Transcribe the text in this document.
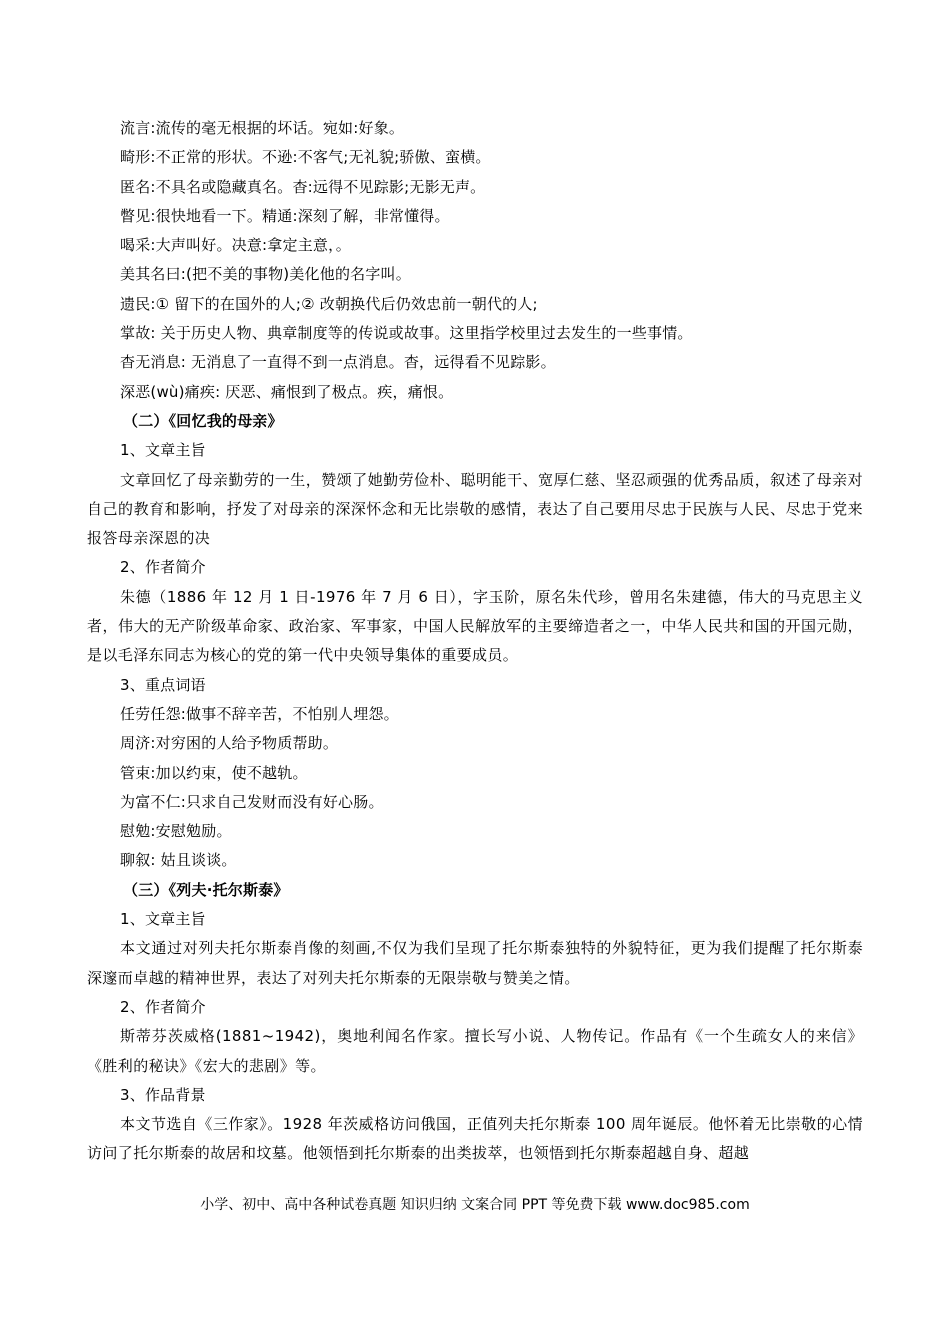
流言:流传的毫无根据的坏话。宛如:好象。

畸形:不正常的形状。不逊:不客气;无礼貌;骄傲、蛮横。

匿名:不具名或隐藏真名。杳:远得不见踪影;无影无声。

瞥见:很快地看一下。精通:深刻了解，非常懂得。

喝采:大声叫好。决意:拿定主意，。

美其名曰:(把不美的事物)美化他的名字叫。

遗民:① 留下的在国外的人;② 改朝换代后仍效忠前一朝代的人;

掌故: 关于历史人物、典章制度等的传说或故事。这里指学校里过去发生的一些事情。

杳无消息: 无消息了一直得不到一点消息。杳，远得看不见踪影。

深恶(wù)痛疾: 厌恶、痛恨到了极点。疾，痛恨。

（二）《回忆我的母亲》

1、文章主旨

文章回忆了母亲勤劳的一生，赞颂了她勤劳俭朴、聪明能干、宽厚仁慈、坚忍顽强的优秀品质，叙述了母亲对自己的教育和影响，抒发了对母亲的深深怀念和无比崇敬的感情，表达了自己要用尽忠于民族与人民、尽忠于党来报答母亲深恩的决

2、作者简介

朱德（1886 年 12 月 1 日-1976 年 7 月 6 日），字玉阶，原名朱代珍，曾用名朱建德，伟大的马克思主义者，伟大的无产阶级革命家、政治家、军事家，中国人民解放军的主要缔造者之一，中华人民共和国的开国元勋，是以毛泽东同志为核心的党的第一代中央领导集体的重要成员。

3、重点词语

任劳任怨:做事不辞辛苦，不怕别人埋怨。

周济:对穷困的人给予物质帮助。

管束:加以约束，使不越轨。

为富不仁:只求自己发财而没有好心肠。

慰勉:安慰勉励。

聊叙: 姑且谈谈。

（三）《列夫·托尔斯泰》

1、文章主旨

本文通过对列夫托尔斯泰肖像的刻画,不仅为我们呈现了托尔斯泰独特的外貌特征，更为我们提醒了托尔斯泰深邃而卓越的精神世界，表达了对列夫托尔斯泰的无限崇敬与赞美之情。

2、作者简介

斯蒂芬茨威格(1881~1942)，奥地利闻名作家。擅长写小说、人物传记。作品有《一个生疏女人的来信》《胜利的秘诀》《宏大的悲剧》等。

3、作品背景

本文节选自《三作家》。1928 年茨威格访问俄国，正值列夫托尔斯泰 100 周年诞辰。他怀着无比崇敬的心情访问了托尔斯泰的故居和坟墓。他领悟到托尔斯泰的出类拔萃，也领悟到托尔斯泰超越自身、超越

小学、初中、高中各种试卷真题 知识归纳 文案合同 PPT 等免费下载 www.doc985.com
